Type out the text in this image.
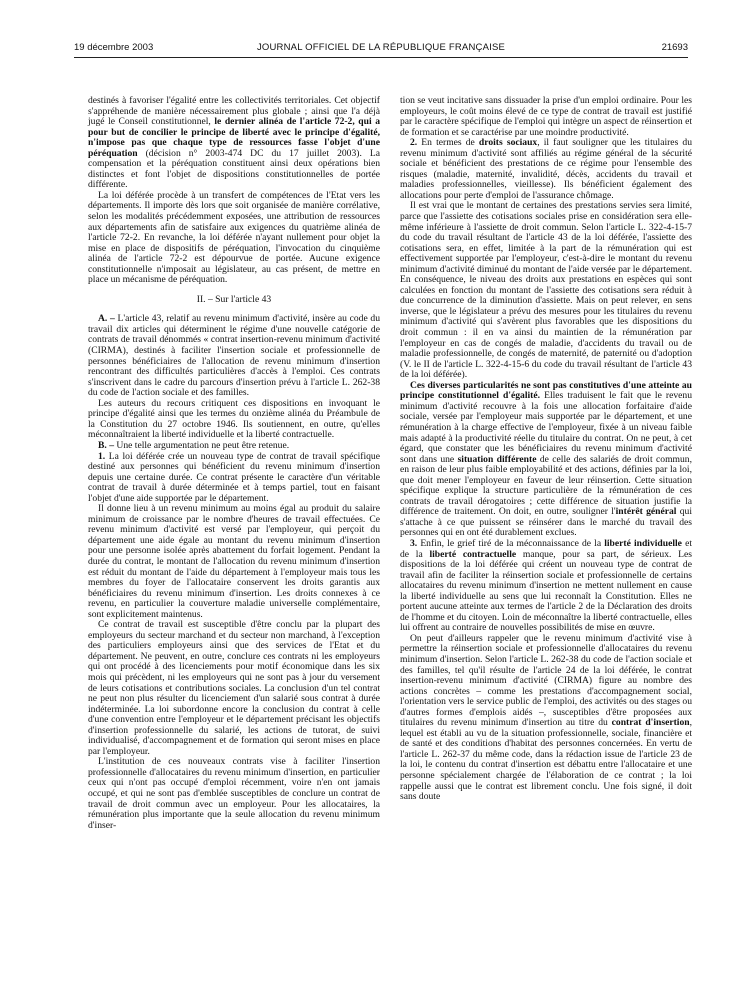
19 décembre 2003	JOURNAL OFFICIEL DE LA RÉPUBLIQUE FRANÇAISE	21693

destinés à favoriser l'égalité entre les collectivités territoriales. Cet objectif s'appréhende de manière nécessairement plus globale ; ainsi que l'a déjà jugé le Conseil constitutionnel, le dernier alinéa de l'article 72-2, qui a pour but de concilier le principe de liberté avec le principe d'égalité, n'impose pas que chaque type de ressources fasse l'objet d'une péréquation (décision n° 2003-474 DC du 17 juillet 2003). La compensation et la péréquation constituent ainsi deux opérations bien distinctes et font l'objet de dispositions constitutionnelles de portée différente.

La loi déférée procède à un transfert de compétences de l'Etat vers les départements. Il importe dès lors que soit organisée de manière corrélative, selon les modalités précédemment exposées, une attribution de ressources aux départements afin de satisfaire aux exigences du quatrième alinéa de l'article 72-2. En revanche, la loi déférée n'ayant nullement pour objet la mise en place de dispositifs de péréquation, l'invocation du cinquième alinéa de l'article 72-2 est dépourvue de portée. Aucune exigence constitutionnelle n'imposait au législateur, au cas présent, de mettre en place un mécanisme de péréquation.

II. – Sur l'article 43

A. – L'article 43, relatif au revenu minimum d'activité, insère au code du travail dix articles qui déterminent le régime d'une nouvelle catégorie de contrats de travail dénommés « contrat insertion-revenu minimum d'activité (CIRMA), destinés à faciliter l'insertion sociale et professionnelle de personnes bénéficiaires de l'allocation de revenu minimum d'insertion rencontrant des difficultés particulières d'accès à l'emploi. Ces contrats s'inscrivent dans le cadre du parcours d'insertion prévu à l'article L. 262-38 du code de l'action sociale et des familles.

Les auteurs du recours critiquent ces dispositions en invoquant le principe d'égalité ainsi que les termes du onzième alinéa du Préambule de la Constitution du 27 octobre 1946. Ils soutiennent, en outre, qu'elles méconnaîtraient la liberté individuelle et la liberté contractuelle.

B. – Une telle argumentation ne peut être retenue.

1. La loi déférée crée un nouveau type de contrat de travail spécifique destiné aux personnes qui bénéficient du revenu minimum d'insertion depuis une certaine durée. Ce contrat présente le caractère d'un véritable contrat de travail à durée déterminée et à temps partiel, tout en faisant l'objet d'une aide supportée par le département.

Il donne lieu à un revenu minimum au moins égal au produit du salaire minimum de croissance par le nombre d'heures de travail effectuées. Ce revenu minimum d'activité est versé par l'employeur, qui perçoit du département une aide égale au montant du revenu minimum d'insertion pour une personne isolée après abattement du forfait logement. Pendant la durée du contrat, le montant de l'allocation du revenu minimum d'insertion est réduit du montant de l'aide du département à l'employeur mais tous les membres du foyer de l'allocataire conservent les droits garantis aux bénéficiaires du revenu minimum d'insertion. Les droits connexes à ce revenu, en particulier la couverture maladie universelle complémentaire, sont explicitement maintenus.

Ce contrat de travail est susceptible d'être conclu par la plupart des employeurs du secteur marchand et du secteur non marchand, à l'exception des particuliers employeurs ainsi que des services de l'Etat et du département. Ne peuvent, en outre, conclure ces contrats ni les employeurs qui ont procédé à des licenciements pour motif économique dans les six mois qui précèdent, ni les employeurs qui ne sont pas à jour du versement de leurs cotisations et contributions sociales. La conclusion d'un tel contrat ne peut non plus résulter du licenciement d'un salarié sous contrat à durée indéterminée. La loi subordonne encore la conclusion du contrat à celle d'une convention entre l'employeur et le département précisant les objectifs d'insertion professionnelle du salarié, les actions de tutorat, de suivi individualisé, d'accompagnement et de formation qui seront mises en place par l'employeur.

L'institution de ces nouveaux contrats vise à faciliter l'insertion professionnelle d'allocataires du revenu minimum d'insertion, en particulier ceux qui n'ont pas occupé d'emploi récemment, voire n'en ont jamais occupé, et qui ne sont pas d'emblée susceptibles de conclure un contrat de travail de droit commun avec un employeur. Pour les allocataires, la rémunération plus importante que la seule allocation du revenu minimum d'inser-

tion se veut incitative sans dissuader la prise d'un emploi ordinaire. Pour les employeurs, le coût moins élevé de ce type de contrat de travail est justifié par le caractère spécifique de l'emploi qui intègre un aspect de réinsertion et de formation et se caractérise par une moindre productivité.

2. En termes de droits sociaux, il faut souligner que les titulaires du revenu minimum d'activité sont affiliés au régime général de la sécurité sociale et bénéficient des prestations de ce régime pour l'ensemble des risques (maladie, maternité, invalidité, décès, accidents du travail et maladies professionnelles, vieillesse). Ils bénéficient également des allocations pour perte d'emploi de l'assurance chômage.

Il est vrai que le montant de certaines des prestations servies sera limité, parce que l'assiette des cotisations sociales prise en considération sera elle-même inférieure à l'assiette de droit commun. Selon l'article L. 322-4-15-7 du code du travail résultant de l'article 43 de la loi déférée, l'assiette des cotisations sera, en effet, limitée à la part de la rémunération qui est effectivement supportée par l'employeur, c'est-à-dire le montant du revenu minimum d'activité diminué du montant de l'aide versée par le département. En conséquence, le niveau des droits aux prestations en espèces qui sont calculées en fonction du montant de l'assiette des cotisations sera réduit à due concurrence de la diminution d'assiette. Mais on peut relever, en sens inverse, que le législateur a prévu des mesures pour les titulaires du revenu minimum d'activité qui s'avèrent plus favorables que les dispositions du droit commun : il en va ainsi du maintien de la rémunération par l'employeur en cas de congés de maladie, d'accidents du travail ou de maladie professionnelle, de congés de maternité, de paternité ou d'adoption (V. le II de l'article L. 322-4-15-6 du code du travail résultant de l'article 43 de la loi déférée).

Ces diverses particularités ne sont pas constitutives d'une atteinte au principe constitutionnel d'égalité. Elles traduisent le fait que le revenu minimum d'activité recouvre à la fois une allocation forfaitaire d'aide sociale, versée par l'employeur mais supportée par le département, et une rémunération à la charge effective de l'employeur, fixée à un niveau faible mais adapté à la productivité réelle du titulaire du contrat. On ne peut, à cet égard, que constater que les bénéficiaires du revenu minimum d'activité sont dans une situation différente de celle des salariés de droit commun, en raison de leur plus faible employabilité et des actions, définies par la loi, que doit mener l'employeur en faveur de leur réinsertion. Cette situation spécifique explique la structure particulière de la rémunération de ces contrats de travail dérogatoires ; cette différence de situation justifie la différence de traitement. On doit, en outre, souligner l'intérêt général qui s'attache à ce que puissent se réinsérer dans le marché du travail des personnes qui en ont été durablement exclues.

3. Enfin, le grief tiré de la méconnaissance de la liberté individuelle et de la liberté contractuelle manque, pour sa part, de sérieux. Les dispositions de la loi déférée qui créent un nouveau type de contrat de travail afin de faciliter la réinsertion sociale et professionnelle de certains allocataires du revenu minimum d'insertion ne mettent nullement en cause la liberté individuelle au sens que lui reconnaît la Constitution. Elles ne portent aucune atteinte aux termes de l'article 2 de la Déclaration des droits de l'homme et du citoyen. Loin de méconnaître la liberté contractuelle, elles lui offrent au contraire de nouvelles possibilités de mise en œuvre.

On peut d'ailleurs rappeler que le revenu minimum d'activité vise à permettre la réinsertion sociale et professionnelle d'allocataires du revenu minimum d'insertion. Selon l'article L. 262-38 du code de l'action sociale et des familles, tel qu'il résulte de l'article 24 de la loi déférée, le contrat insertion-revenu minimum d'activité (CIRMA) figure au nombre des actions concrètes – comme les prestations d'accompagnement social, l'orientation vers le service public de l'emploi, des activités ou des stages ou d'autres formes d'emplois aidés –, susceptibles d'être proposées aux titulaires du revenu minimum d'insertion au titre du contrat d'insertion, lequel est établi au vu de la situation professionnelle, sociale, financière et de santé et des conditions d'habitat des personnes concernées. En vertu de l'article L. 262-37 du même code, dans la rédaction issue de l'article 23 de la loi, le contenu du contrat d'insertion est débattu entre l'allocataire et une personne spécialement chargée de l'élaboration de ce contrat ; la loi rappelle aussi que le contrat est librement conclu. Une fois signé, il doit sans doute
